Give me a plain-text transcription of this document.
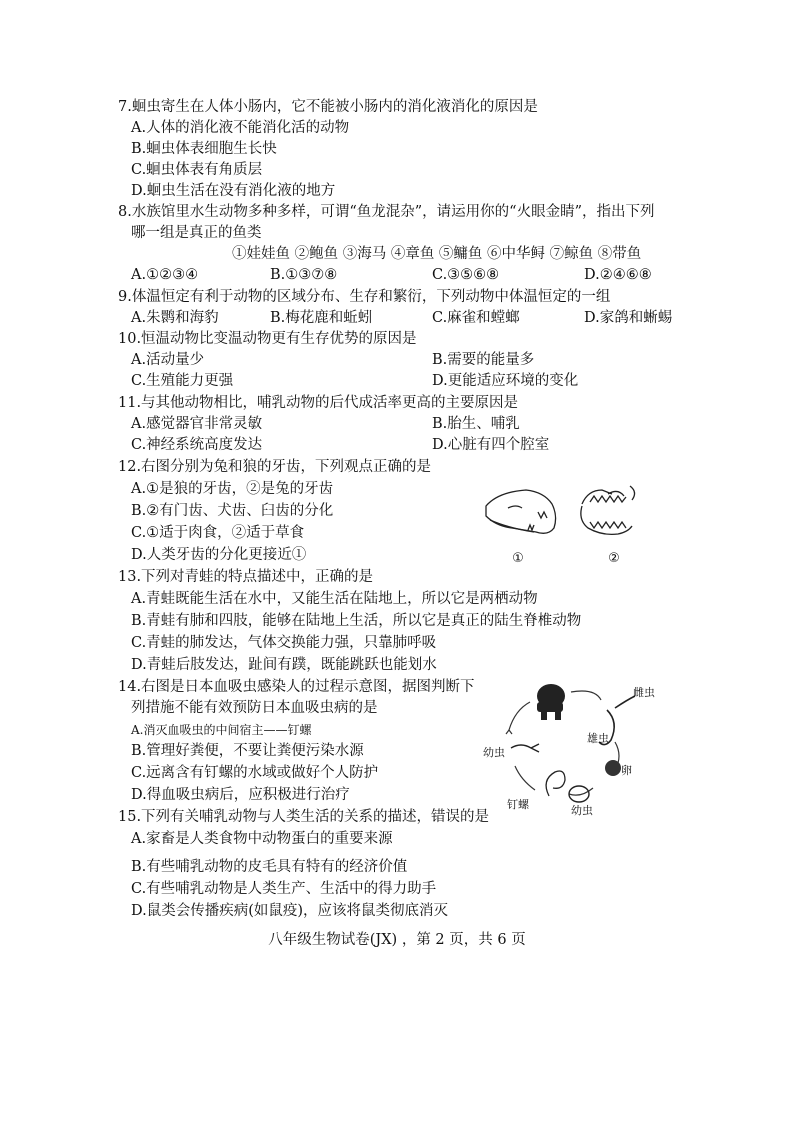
7.蛔虫寄生在人体小肠内，它不能被小肠内的消化液消化的原因是
A.人体的消化液不能消化活的动物
B.蛔虫体表细胞生长快
C.蛔虫体表有角质层
D.蛔虫生活在没有消化液的地方
8.水族馆里水生动物多种多样，可谓“鱼龙混杂”，请运用你的“火眼金睛”，指出下列
哪一组是真正的鱼类
①娃娃鱼 ②鲍鱼 ③海马 ④章鱼 ⑤鳙鱼 ⑥中华鲟 ⑦鲸鱼 ⑧带鱼
A.①②③④	B.①③⑦⑧	C.③⑤⑥⑧	D.②④⑥⑧
9.体温恒定有利于动物的区域分布、生存和繁衍，下列动物中体温恒定的一组
A.朱鹮和海豹	B.梅花鹿和蚯蚓	C.麻雀和螳螂	D.家鸽和蜥蜴
10.恒温动物比变温动物更有生存优势的原因是
A.活动量少	B.需要的能量多
C.生殖能力更强	D.更能适应环境的变化
11.与其他动物相比，哺乳动物的后代成活率更高的主要原因是
A.感觉器官非常灵敏	B.胎生、哺乳
C.神经系统高度发达	D.心脏有四个腔室
12.右图分别为兔和狼的牙齿，下列观点正确的是
A.①是狼的牙齿，②是兔的牙齿
B.②有门齿、犬齿、臼齿的分化
C.①适于肉食，②适于草食
D.人类牙齿的分化更接近①	①	②
13.下列对青蛙的特点描述中，正确的是
A.青蛙既能生活在水中，又能生活在陆地上，所以它是两栖动物
B.青蛙有肺和四肢，能够在陆地上生活，所以它是真正的陆生脊椎动物
C.青蛙的肺发达，气体交换能力强，只靠肺呼吸
D.青蛙后肢发达，趾间有蹼，既能跳跃也能划水
14.右图是日本血吸虫感染人的过程示意图，据图判断下
列措施不能有效预防日本血吸虫病的是
A.消灭血吸虫的中间宿主——钉螺
B.管理好粪便，不要让粪便污染水源
C.远离含有钉螺的水域或做好个人防护
D.得血吸虫病后，应积极进行治疗
雌虫
雄虫
卵
幼虫
钉螺	幼虫
15.下列有关哺乳动物与人类生活的关系的描述，错误的是
A.家畜是人类食物中动物蛋白的重要来源
B.有些哺乳动物的皮毛具有特有的经济价值
C.有些哺乳动物是人类生产、生活中的得力助手
D.鼠类会传播疾病(如鼠疫)，应该将鼠类彻底消灭
八年级生物试卷(JX) ，第 2 页，共 6 页
